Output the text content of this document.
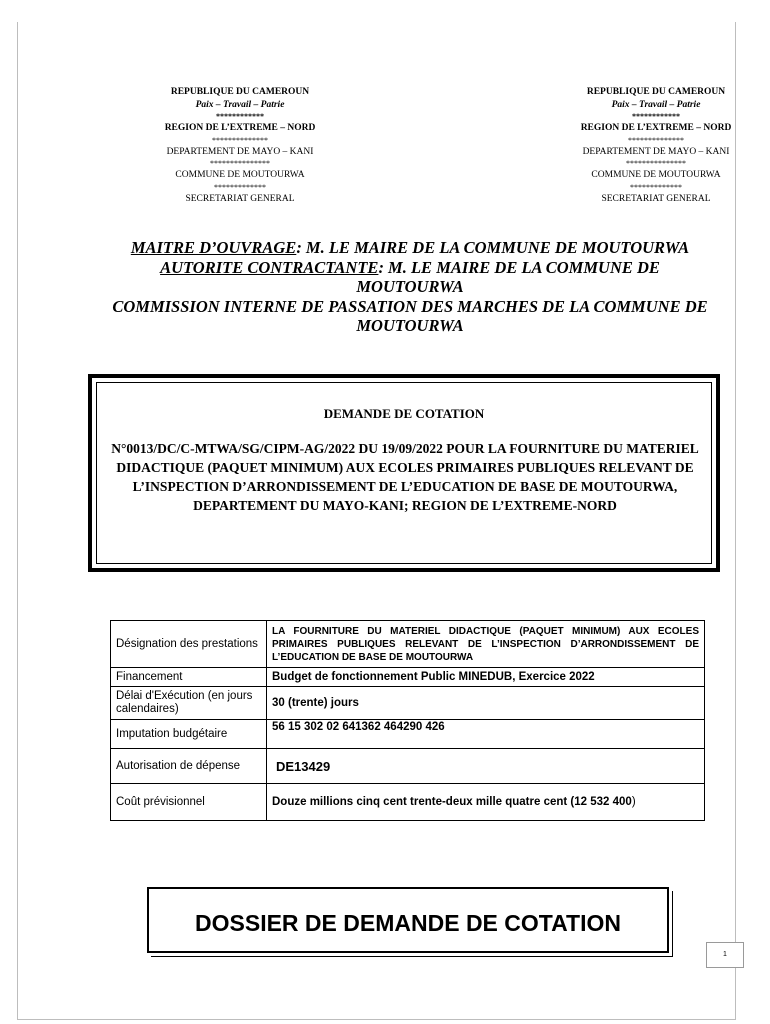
REPUBLIQUE DU CAMEROUN
Paix – Travail – Patrie
************
REGION DE L’EXTREME – NORD
**************
DEPARTEMENT DE MAYO – KANI
***************
COMMUNE DE MOUTOURWA
*************
SECRETARIAT GENERAL
REPUBLIQUE DU CAMEROUN
Paix – Travail – Patrie
************
REGION DE L’EXTREME – NORD
**************
DEPARTEMENT DE MAYO – KANI
***************
COMMUNE DE MOUTOURWA
*************
SECRETARIAT GENERAL
MAITRE D’OUVRAGE: M. LE MAIRE DE LA COMMUNE DE MOUTOURWA
AUTORITE CONTRACTANTE: M. LE MAIRE DE LA COMMUNE DE MOUTOURWA
COMMISSION INTERNE DE PASSATION DES MARCHES DE LA COMMUNE DE MOUTOURWA
DEMANDE DE COTATION
N°0013/DC/C-MTWA/SG/CIPM-AG/2022 DU 19/09/2022 POUR LA FOURNITURE DU MATERIEL DIDACTIQUE (PAQUET MINIMUM) AUX ECOLES PRIMAIRES PUBLIQUES RELEVANT DE L’INSPECTION D’ARRONDISSEMENT DE L’EDUCATION DE BASE DE MOUTOURWA, DEPARTEMENT DU MAYO-KANI; REGION DE L’EXTREME-NORD
Désignation des prestations	LA FOURNITURE DU MATERIEL DIDACTIQUE (PAQUET MINIMUM) AUX ECOLES PRIMAIRES PUBLIQUES RELEVANT DE L’INSPECTION D’ARRONDISSEMENT DE L’EDUCATION DE BASE DE MOUTOURWA
Financement	Budget de fonctionnement Public MINEDUB, Exercice 2022
Délai d'Exécution (en jours calendaires)	30 (trente) jours
Imputation budgétaire	56 15 302 02 641362 464290 426
Autorisation de dépense	DE13429
Coût prévisionnel	Douze millions cinq cent trente-deux mille quatre cent (12 532 400)
DOSSIER DE DEMANDE DE COTATION
1
